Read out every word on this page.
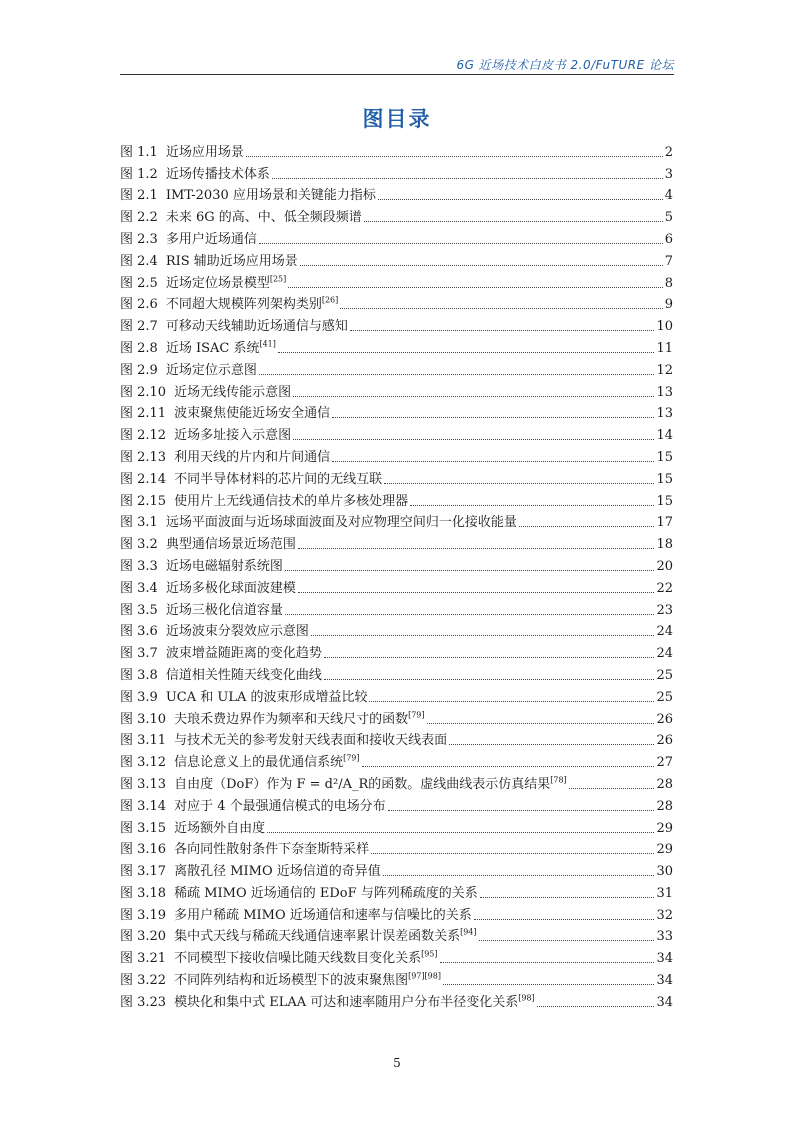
6G 近场技术白皮书 2.0/FuTURE 论坛
图目录
图 1.1 近场应用场景	2
图 1.2 近场传播技术体系	3
图 2.1 IMT-2030 应用场景和关键能力指标	4
图 2.2 未来 6G 的高、中、低全频段频谱	5
图 2.3 多用户近场通信	6
图 2.4 RIS 辅助近场应用场景	7
图 2.5 近场定位场景模型[25]	8
图 2.6 不同超大规模阵列架构类别[26]	9
图 2.7 可移动天线辅助近场通信与感知	10
图 2.8 近场 ISAC 系统[41]	11
图 2.9 近场定位示意图	12
图 2.10 近场无线传能示意图	13
图 2.11 波束聚焦使能近场安全通信	13
图 2.12 近场多址接入示意图	14
图 2.13 利用天线的片内和片间通信	15
图 2.14 不同半导体材料的芯片间的无线互联	15
图 2.15 使用片上无线通信技术的单片多核处理器	15
图 3.1 远场平面波面与近场球面波面及对应物理空间归一化接收能量	17
图 3.2 典型通信场景近场范围	18
图 3.3 近场电磁辐射系统图	20
图 3.4 近场多极化球面波建模	22
图 3.5 近场三极化信道容量	23
图 3.6 近场波束分裂效应示意图	24
图 3.7 波束增益随距离的变化趋势	24
图 3.8 信道相关性随天线变化曲线	25
图 3.9 UCA 和 ULA 的波束形成增益比较	25
图 3.10 夫琅禾费边界作为频率和天线尺寸的函数[79]	26
图 3.11 与技术无关的参考发射天线表面和接收天线表面	26
图 3.12 信息论意义上的最优通信系统[79]	27
图 3.13 自由度（DoF）作为 F = d²/A_R的函数。虚线曲线表示仿真结果[78]	28
图 3.14 对应于 4 个最强通信模式的电场分布	28
图 3.15 近场额外自由度	29
图 3.16 各向同性散射条件下奈奎斯特采样	29
图 3.17 离散孔径 MIMO 近场信道的奇异值	30
图 3.18 稀疏 MIMO 近场通信的 EDoF 与阵列稀疏度的关系	31
图 3.19 多用户稀疏 MIMO 近场通信和速率与信噪比的关系	32
图 3.20 集中式天线与稀疏天线通信速率累计误差函数关系[94]	33
图 3.21 不同模型下接收信噪比随天线数目变化关系[95]	34
图 3.22 不同阵列结构和近场模型下的波束聚焦图[97][98]	34
图 3.23 模块化和集中式 ELAA 可达和速率随用户分布半径变化关系[98]	34
5
